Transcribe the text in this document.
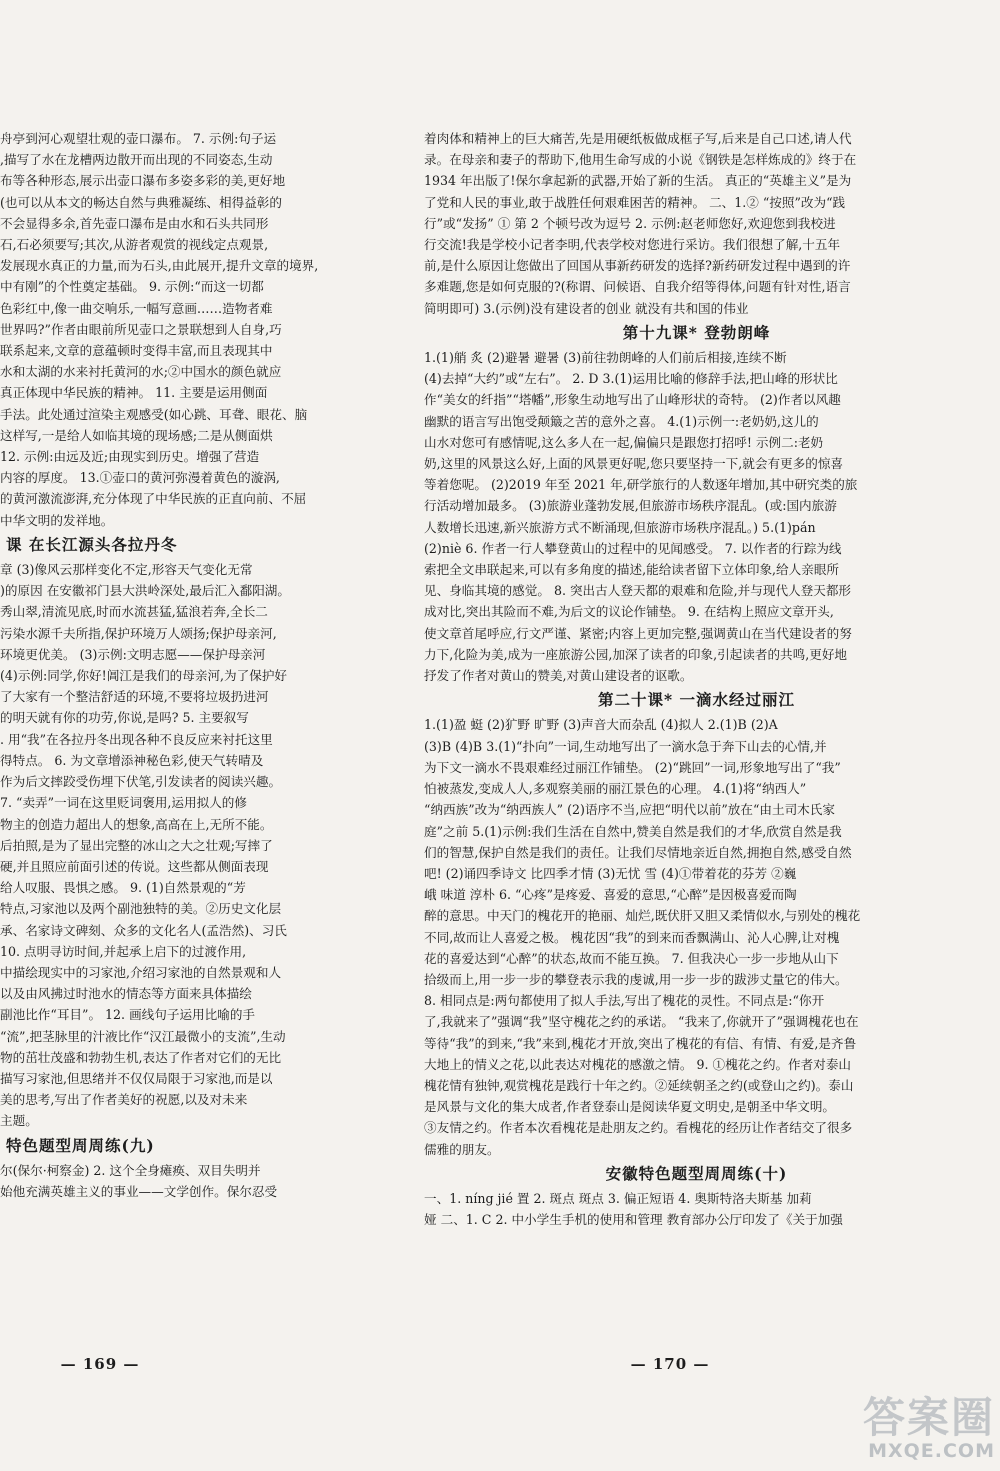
舟亭到河心观望壮观的壶口瀑布。 7. 示例:句子运

,描写了水在龙槽两边散开而出现的不同姿态,生动

布等各种形态,展示出壶口瀑布多姿多彩的美,更好地

(也可以从本文的畅达自然与典雅凝练、相得益彰的

不会显得多余,首先壶口瀑布是由水和石头共同形

石,石必须要写;其次,从游者观赏的视线定点观景,

发展现水真正的力量,而为石头,由此展开,提升文章的境界,

中有刚”的个性奠定基础。 9. 示例:“而这一切都

色彩红中,像一曲交响乐,一幅写意画……造物者难

世界吗?”作者由眼前所见壶口之景联想到人自身,巧

联系起来,文章的意蕴顿时变得丰富,而且表现其中

水和太湖的水来衬托黄河的水;②中国水的颜色就应

真正体现中华民族的精神。 11. 主要是运用侧面

手法。此处通过渲染主观感受(如心跳、耳聋、眼花、脑

这样写,一是给人如临其境的现场感;二是从侧面烘

12. 示例:由远及近;由现实到历史。增强了营造

内容的厚度。 13.①壶口的黄河弥漫着黄色的漩涡,

的黄河激流澎湃,充分体现了中华民族的正直向前、不屈

中华文明的发祥地。

课 在长江源头各拉丹冬

章 (3)像风云那样变化不定,形容天气变化无常

)的原因 在安徽祁门县大洪岭深处,最后汇入鄱阳湖。

秀山翠,清流见底,时而水流甚猛,猛浪若奔,全长二

污染水源千夫所指,保护环境万人颂扬;保护母亲河,

环境更优美。 (3)示例:文明志愿——保护母亲河

(4)示例:同学,你好!阊江是我们的母亲河,为了保护好

了大家有一个整洁舒适的环境,不要将垃圾扔进河

的明天就有你的功劳,你说,是吗? 5. 主要叙写

. 用“我”在各拉丹冬出现各种不良反应来衬托这里

得特点。 6. 为文章增添神秘色彩,使天气转晴及

作为后文摔跤受伤埋下伏笔,引发读者的阅读兴趣。

7. “卖弄”一词在这里贬词褒用,运用拟人的修

物主的创造力超出人的想象,高高在上,无所不能。

后拍照,是为了显出完整的冰山之大之壮观;写摔了

硬,并且照应前面引述的传说。这些都从侧面表现

给人叹服、畏惧之感。 9. (1)自然景观的“芳

特点,习家池以及两个副池独特的美。②历史文化层

承、名家诗文碑刻、众多的文化名人(孟浩然)、习氏

10. 点明寻访时间,并起承上启下的过渡作用,

中描绘现实中的习家池,介绍习家池的自然景观和人

以及由风拂过时池水的情态等方面来具体描绘

副池比作“耳目”。 12. 画线句子运用比喻的手

“流”,把茎脉里的汁液比作“汉江最微小的支流”,生动

物的茁壮茂盛和勃勃生机,表达了作者对它们的无比

描写习家池,但思绪并不仅仅局限于习家池,而是以

美的思考,写出了作者美好的祝愿,以及对未来

主题。

特色题型周周练(九)

尔(保尔·柯察金) 2. 这个全身瘫痪、双目失明并

始他充满英雄主义的事业——文学创作。保尔忍受

着肉体和精神上的巨大痛苦,先是用硬纸板做成框子写,后来是自己口述,请人代

录。在母亲和妻子的帮助下,他用生命写成的小说《钢铁是怎样炼成的》终于在

1934 年出版了!保尔拿起新的武器,开始了新的生活。 真正的“英雄主义”是为

了党和人民的事业,敢于战胜任何艰难困苦的精神。 二、1.② “按照”改为“践

行”或“发扬” ① 第 2 个顿号改为逗号 2. 示例:赵老师您好,欢迎您到我校进

行交流!我是学校小记者李明,代表学校对您进行采访。我们很想了解,十五年

前,是什么原因让您做出了回国从事新药研发的选择?新药研发过程中遇到的许

多难题,您是如何克服的?(称谓、问候语、自我介绍等得体,问题有针对性,语言

简明即可) 3.(示例)没有建设者的创业 就没有共和国的伟业

第十九课* 登勃朗峰

1.(1)艄 炙 (2)避暑 避暑 (3)前往勃朗峰的人们前后相接,连续不断

(4)去掉“大约”或“左右”。 2. D 3.(1)运用比喻的修辞手法,把山峰的形状比

作“美女的纤指”“塔幡”,形象生动地写出了山峰形状的奇特。 (2)作者以风趣

幽默的语言写出饱受颠簸之苦的意外之喜。 4.(1)示例一:老奶奶,这儿的

山水对您可有感情呢,这么多人在一起,偏偏只是跟您打招呼! 示例二:老奶

奶,这里的风景这么好,上面的风景更好呢,您只要坚持一下,就会有更多的惊喜

等着您呢。 (2)2019 年至 2021 年,研学旅行的人数逐年增加,其中研究类的旅

行活动增加最多。 (3)旅游业蓬勃发展,但旅游市场秩序混乱。(或:国内旅游

人数增长迅速,新兴旅游方式不断涌现,但旅游市场秩序混乱。) 5.(1)pán

(2)niè 6. 作者一行人攀登黄山的过程中的见闻感受。 7. 以作者的行踪为线

索把全文串联起来,可以有多角度的描述,能给读者留下立体印象,给人亲眼所

见、身临其境的感觉。 8. 突出古人登天都的艰难和危险,并与现代人登天都形

成对比,突出其险而不难,为后文的议论作铺垫。 9. 在结构上照应文章开头,

使文章首尾呼应,行文严谨、紧密;内容上更加完整,强调黄山在当代建设者的努

力下,化险为美,成为一座旅游公园,加深了读者的印象,引起读者的共鸣,更好地

抒发了作者对黄山的赞美,对黄山建设者的讴歌。

第二十课* 一滴水经过丽江

1.(1)盈 蜓 (2)犷野 旷野 (3)声音大而杂乱 (4)拟人 2.(1)B (2)A

(3)B (4)B 3.(1)“扑向”一词,生动地写出了一滴水急于奔下山去的心情,并

为下文一滴水不畏艰难经过丽江作铺垫。 (2)“跳回”一词,形象地写出了“我”

怕被蒸发,变成人人,多观察美丽的丽江景色的心理。 4.(1)将“纳西人”

“纳西族”改为“纳西族人” (2)语序不当,应把“明代以前”放在“由土司木氏家

庭”之前 5.(1)示例:我们生活在自然中,赞美自然是我们的才华,欣赏自然是我

们的智慧,保护自然是我们的责任。让我们尽情地亲近自然,拥抱自然,感受自然

吧! (2)诵四季诗文 比四季才情 (3)无忧 雪 (4)①带着花的芬芳 ②巍

峨 味道 淳朴 6. “心疼”是疼爱、喜爱的意思,“心醉”是因极喜爱而陶

醉的意思。中天门的槐花开的艳丽、灿烂,既伏肝又胆又柔情似水,与别处的槐花

不同,故而让人喜爱之极。 槐花因“我”的到来而香飘满山、沁人心脾,让对槐

花的喜爱达到“心醉”的状态,故而不能互换。 7. 但我决心一步一步地从山下

拾级而上,用一步一步的攀登表示我的虔诚,用一步一步的跋涉丈量它的伟大。

8. 相同点是:两句都使用了拟人手法,写出了槐花的灵性。不同点是:“你开

了,我就来了”强调“我”坚守槐花之约的承诺。 “我来了,你就开了”强调槐花也在

等待“我”的到来,“我”来到,槐花才开放,突出了槐花的有信、有情、有爱,是齐鲁

大地上的情义之花,以此表达对槐花的感激之情。 9. ①槐花之约。作者对泰山

槐花情有独钟,观赏槐花是践行十年之约。②延续朝圣之约(或登山之约)。泰山

是风景与文化的集大成者,作者登泰山是阅读华夏文明史,是朝圣中华文明。

③友情之约。作者本次看槐花是赴朋友之约。看槐花的经历让作者结交了很多

儒雅的朋友。

安徽特色题型周周练(十)

一、1. níng jié 置 2. 斑点 斑点 3. 偏正短语 4. 奥斯特洛夫斯基 加莉

娅 二、1. C 2. 中小学生手机的使用和管理 教育部办公厅印发了《关于加强

— 169 —	— 170 —
答案圈
MXQE.COM
